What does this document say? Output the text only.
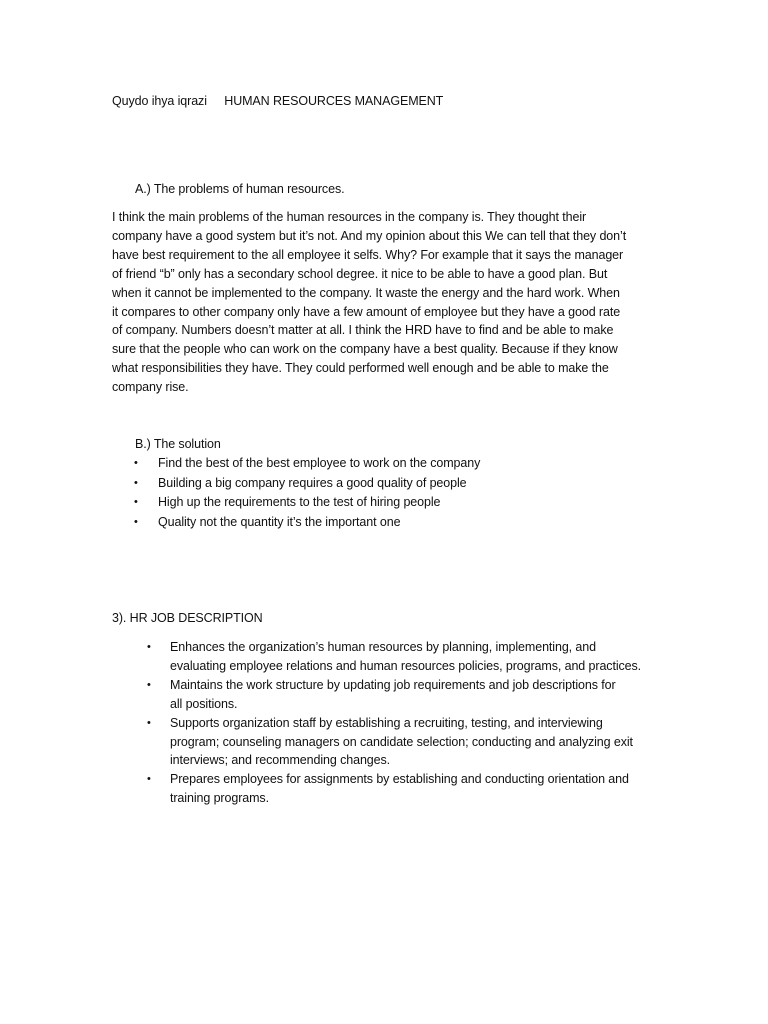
Quydo ihya iqrazi HUMAN RESOURCES MANAGEMENT
A.) The problems of human resources.
I think the main problems of the human resources in the company is. They thought their
company have a good system but it’s not. And my opinion about this We can tell that they don’t
have best requirement to the all employee it selfs. Why? For example that it says the manager
of friend “b” only has a secondary school degree. it nice to be able to have a good plan. But
when it cannot be implemented to the company. It waste the energy and the hard work. When
it compares to other company only have a few amount of employee but they have a good rate
of company. Numbers doesn’t matter at all. I think the HRD have to find and be able to make
sure that the people who can work on the company have a best quality. Because if they know
what responsibilities they have. They could performed well enough and be able to make the
company rise.
B.) The solution
• Find the best of the best employee to work on the company
• Building a big company requires a good quality of people
• High up the requirements to the test of hiring people
• Quality not the quantity it’s the important one
3). HR JOB DESCRIPTION
• Enhances the organization’s human resources by planning, implementing, and
evaluating employee relations and human resources policies, programs, and practices.
• Maintains the work structure by updating job requirements and job descriptions for
all positions.
• Supports organization staff by establishing a recruiting, testing, and interviewing
program; counseling managers on candidate selection; conducting and analyzing exit
interviews; and recommending changes.
• Prepares employees for assignments by establishing and conducting orientation and
training programs.
